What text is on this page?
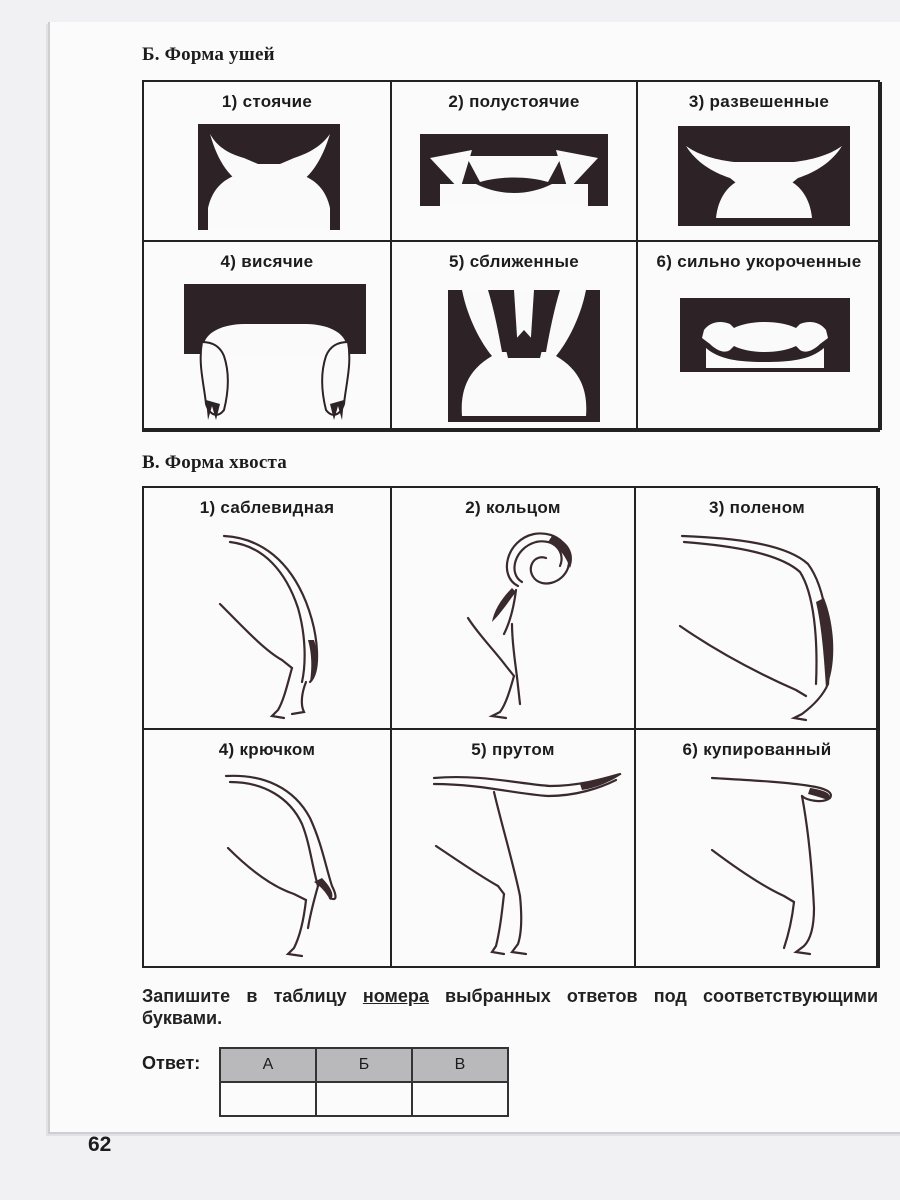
Б. Форма ушей
1) стоячие	2) полустоячие	3) развешенные
4) висячие	5) сближенные	6) сильно укороченные
В. Форма хвоста
1) саблевидная	2) кольцом	3) поленом
4) крючком	5) прутом	6) купированный
Запишите в таблицу номера выбранных ответов под соответствующими буквами.
Ответ:	А	Б	В

62
